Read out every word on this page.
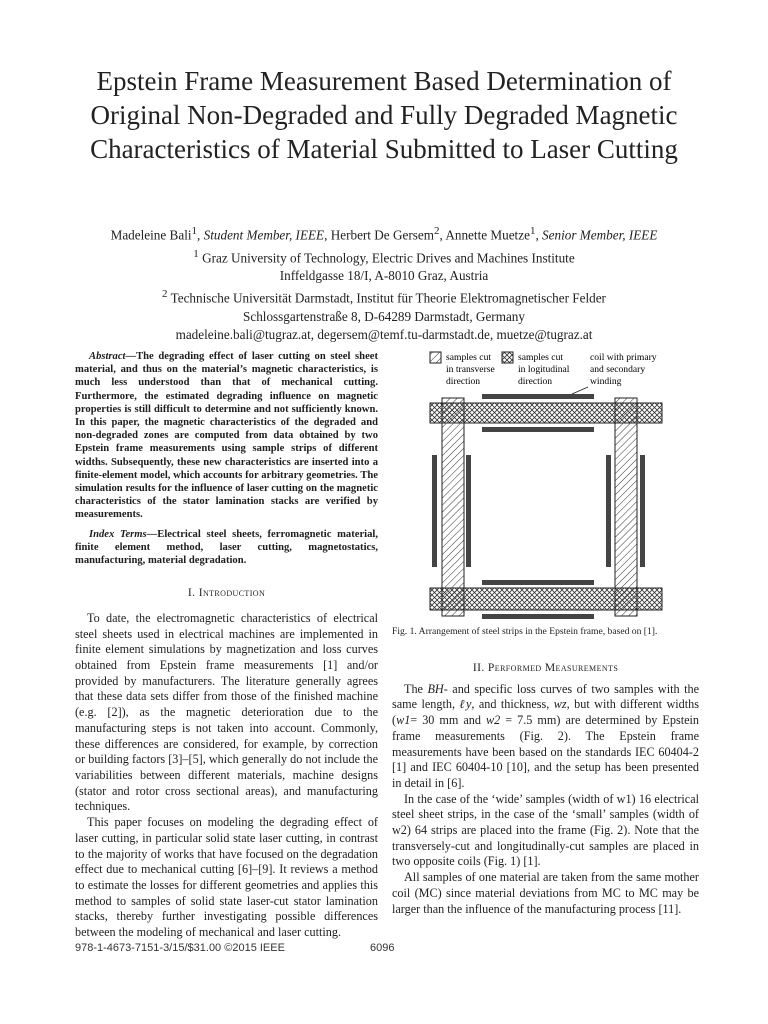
Epstein Frame Measurement Based Determination of Original Non-Degraded and Fully Degraded Magnetic Characteristics of Material Submitted to Laser Cutting
Madeleine Bali$^1$, Student Member, IEEE, Herbert De Gersem$^2$, Annette Muetze$^1$, Senior Member, IEEE
$^1$ Graz University of Technology, Electric Drives and Machines Institute
Inffeldgasse 18/I, A-8010 Graz, Austria
$^2$ Technische Universität Darmstadt, Institut für Theorie Elektromagnetischer Felder
Schlossgartenstraße 8, D-64289 Darmstadt, Germany
madeleine.bali@tugraz.at, degersem@temf.tu-darmstadt.de, muetze@tugraz.at

Abstract—The degrading effect of laser cutting on steel sheet material, and thus on the material’s magnetic characteristics, is much less understood than that of mechanical cutting. Furthermore, the estimated degrading influence on magnetic properties is still difficult to determine and not sufficiently known. In this paper, the magnetic characteristics of the degraded and non-degraded zones are computed from data obtained by two Epstein frame measurements using sample strips of different widths. Subsequently, these new characteristics are inserted into a finite-element model, which accounts for arbitrary geometries. The simulation results for the influence of laser cutting on the magnetic characteristics of the stator lamination stacks are verified by measurements.

Index Terms—Electrical steel sheets, ferromagnetic material, finite element method, laser cutting, magnetostatics, manufacturing, material degradation.

I. Introduction

To date, the electromagnetic characteristics of electrical steel sheets used in electrical machines are implemented in finite element simulations by magnetization and loss curves obtained from Epstein frame measurements [1] and/or provided by manufacturers. The literature generally agrees that these data sets differ from those of the finished machine (e.g. [2]), as the magnetic deterioration due to the manufacturing steps is not taken into account. Commonly, these differences are considered, for example, by correction or building factors [3]–[5], which generally do not include the variabilities between different materials, machine designs (stator and rotor cross sectional areas), and manufacturing techniques.

This paper focuses on modeling the degrading effect of laser cutting, in particular solid state laser cutting, in contrast to the majority of works that have focused on the degradation effect due to mechanical cutting [6]–[9]. It reviews a method to estimate the losses for different geometries and applies this method to samples of solid state laser-cut stator lamination stacks, thereby further investigating possible differences between the modeling of mechanical and laser cutting.

samples cut
in transverse
direction
samples cut
in logitudinal
direction
coil with primary
and secondary
winding

Fig. 1. Arrangement of steel strips in the Epstein frame, based on [1].

II. Performed Measurements

The BH- and specific loss curves of two samples with the same length, ℓy, and thickness, wz, but with different widths (w1= 30 mm and w2 = 7.5 mm) are determined by Epstein frame measurements (Fig. 2). The Epstein frame measurements have been based on the standards IEC 60404-2 [1] and IEC 60404-10 [10], and the setup has been presented in detail in [6].

In the case of the ‘wide’ samples (width of w1) 16 electrical steel sheet strips, in the case of the ‘small’ samples (width of w2) 64 strips are placed into the frame (Fig. 2). Note that the transversely-cut and longitudinally-cut samples are placed in two opposite coils (Fig. 1) [1].

All samples of one material are taken from the same mother coil (MC) since material deviations from MC to MC may be larger than the influence of the manufacturing process [11].

978-1-4673-7151-3/15/$31.00 ©2015 IEEE	6096
